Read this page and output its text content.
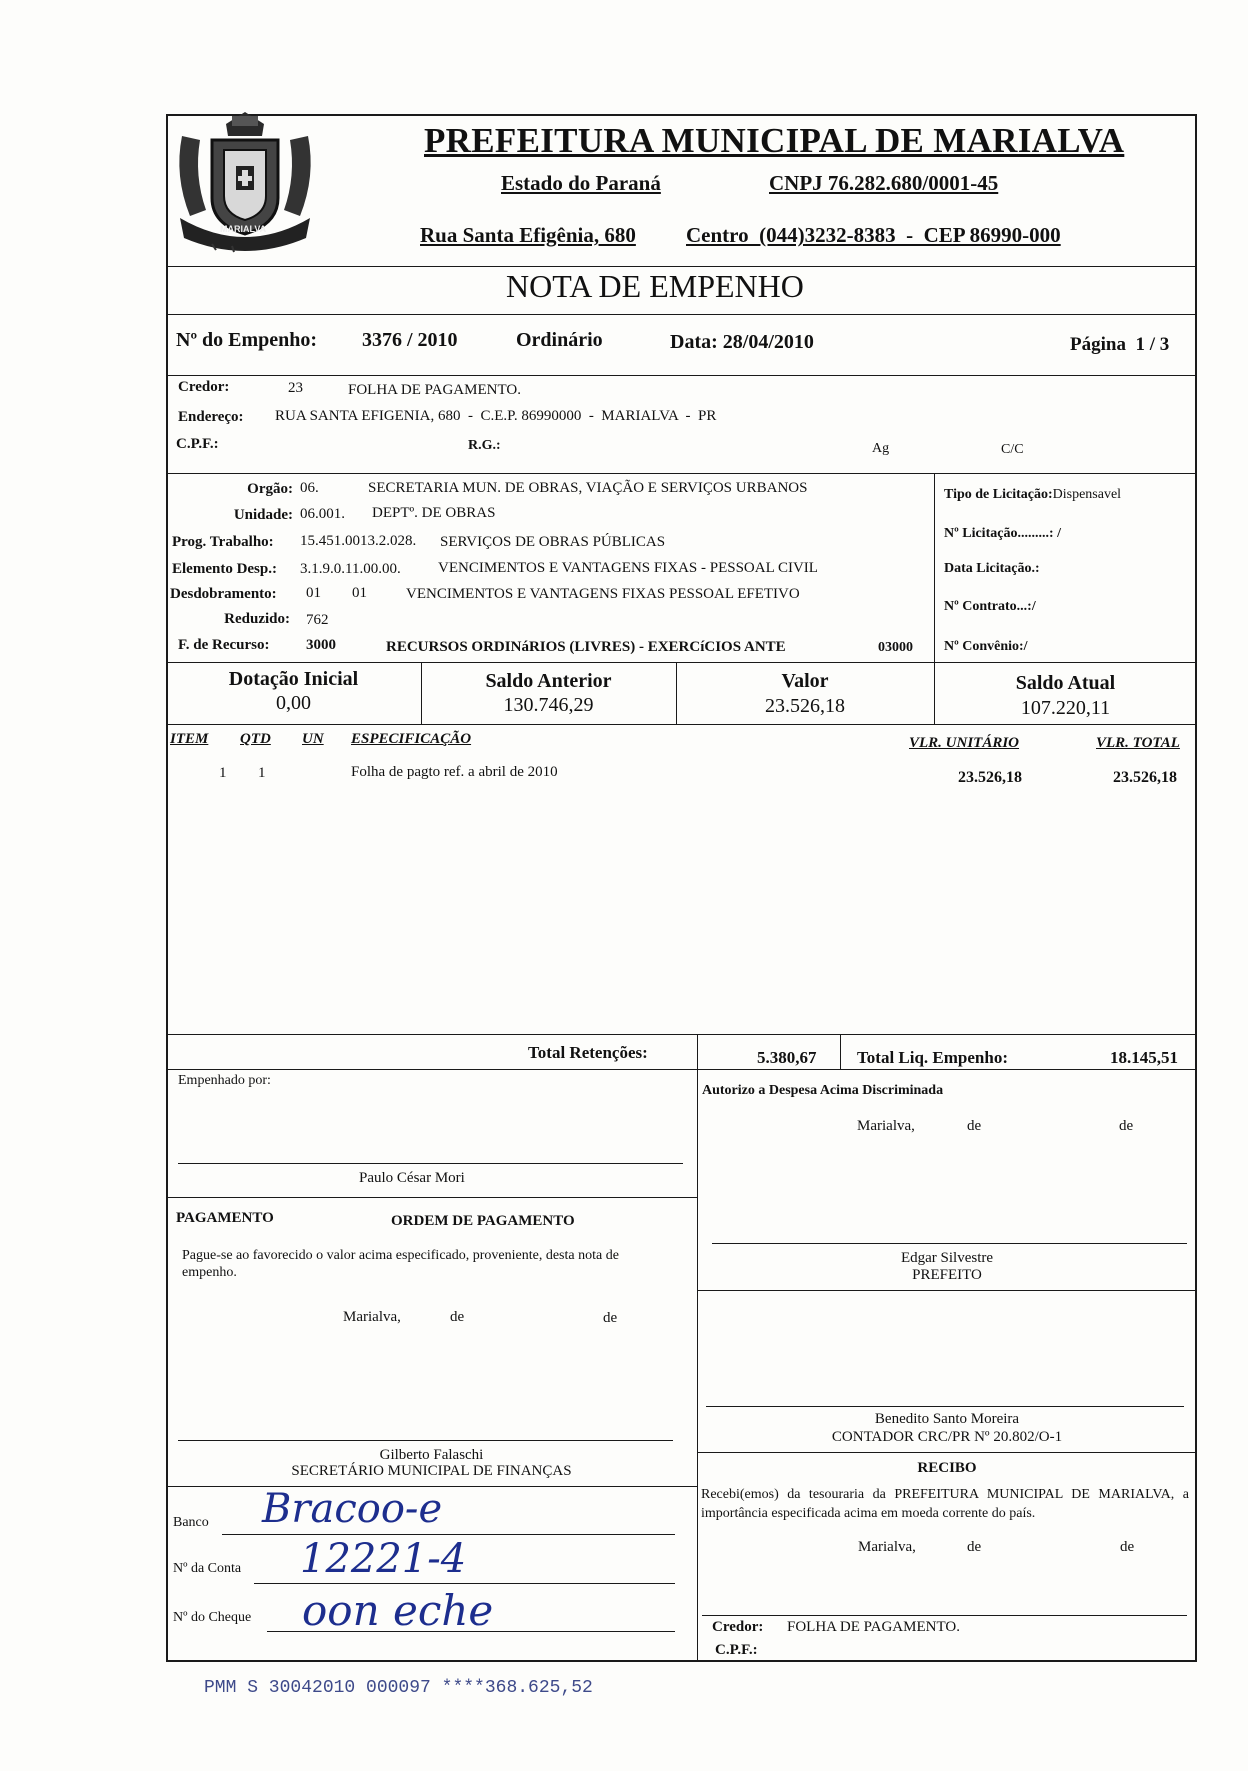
MARIALVA
PREFEITURA MUNICIPAL DE MARIALVA
Estado do Paraná	CNPJ 76.282.680/0001-45
Rua Santa Efigênia, 680 Centro  (044)3232-8383  -  CEP 86990-000
NOTA DE EMPENHO
Nº do Empenho: 3376 / 2010	Ordinário	Data: 28/04/2010	Página  1 / 3
Credor:	23	FOLHA DE PAGAMENTO.
Endereço: RUA SANTA EFIGENIA, 680  -  C.E.P. 86990000  -  MARIALVA  -  PR
C.P.F.:	R.G.:	Ag	C/C
Orgão: 06.	SECRETARIA MUN. DE OBRAS, VIAÇÃO E SERVIÇOS URBANOS
Unidade: 06.001. DEPTº. DE OBRAS
Prog. Trabalho: 15.451.0013.2.028. SERVIÇOS DE OBRAS PÚBLICAS
Elemento Desp.: 3.1.9.0.11.00.00. VENCIMENTOS E VANTAGENS FIXAS - PESSOAL CIVIL
Desdobramento: 01 01	VENCIMENTOS E VANTAGENS FIXAS PESSOAL EFETIVO
Reduzido: 762
F. de Recurso: 3000	RECURSOS ORDINáRIOS (LIVRES) - EXERCíCIOS ANTE	03000
Tipo de Licitação:Dispensavel
Nº Licitação.........: /
Data Licitação.:
Nº Contrato...:/
Nº Convênio:/
Dotação Inicial
0,00
Saldo Anterior
130.746,29
Valor
23.526,18
Saldo Atual
107.220,11
ITEM QTD UN ESPECIFICAÇÃO	VLR. UNITÁRIO	VLR. TOTAL
1 1	Folha de pagto ref. a abril de 2010	23.526,18	23.526,18
Total Retenções:	5.380,67 Total Liq. Empenho:	18.145,51
Empenhado por:
Paulo César Mori
Autorizo a Despesa Acima Discriminada
Marialva,	de	de
Edgar Silvestre
PREFEITO
PAGAMENTO	ORDEM DE PAGAMENTO
Pague-se ao favorecido o valor acima especificado, proveniente, desta nota de empenho.
Marialva,	de	de
Gilberto Falaschi
SECRETÁRIO MUNICIPAL DE FINANÇAS
Benedito Santo Moreira
CONTADOR CRC/PR Nº 20.802/O-1
RECIBO
Recebi(emos) da tesouraria da PREFEITURA MUNICIPAL DE MARIALVA, a importância especificada acima em moeda corrente do país.
Marialva,	de	de
Credor: FOLHA DE PAGAMENTO.
C.P.F.:
Banco Bracoo-e
Nº da Conta 12221-4
Nº do Cheque oon eche
PMM S 30042010 000097 ****368.625,52
